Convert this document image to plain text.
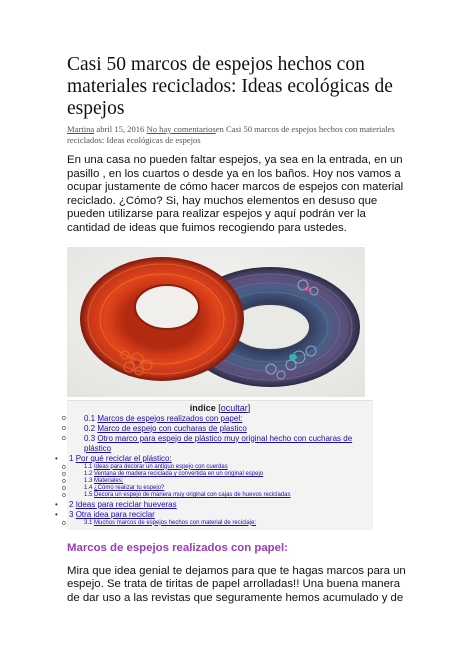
Casi 50 marcos de espejos hechos con materiales reciclados: Ideas ecológicas de espejos
Martina abril 15, 2016 No hay comentariosen Casi 50 marcos de espejos hechos con materiales reciclados: Ideas ecológicas de espejos

En una casa no pueden faltar espejos, ya sea en la entrada, en un pasillo , en los cuartos o desde ya en los baños. Hoy nos vamos a ocupar justamente de cómo hacer marcos de espejos con material reciclado. ¿Cómo? Si, hay muchos elementos en desuso que pueden utilizarse para realizar espejos y aquí podrán ver la cantidad de ideas que fuimos recogiendo para ustedes.

índice [ocultar]
o 0.1 Marcos de espejos realizados con papel:
o 0.2 Marco de espejo con cucharas de plastico
o 0.3 Otro marco para espejo de plástico muy original hecho con cucharas de plástico
• 1 Por qué reciclar el plástico:
o	1.1 Ideas para decorar un antiguo espejo con cuerdas
o	1.2 Ventana de madera reciclada y convertida en un original espejo
o	1.3 Materiales:
o	1.4 ¿Cómo realizar tu espejo?
o	1.5 Decora un espejo de manera muy original con cajas de huevos recicladas
• 2 Ideas para reciclar hueveras
• 3 Otra idea para reciclar
o	3.1 Muchos marcos de espejos hechos con material de reciclaje:
Marcos de espejos realizados con papel:

Mira que idea genial te dejamos para que te hagas marcos para un espejo. Se trata de tiritas de papel arrolladas!! Una buena manera de dar uso a las revistas que seguramente hemos acumulado y de
